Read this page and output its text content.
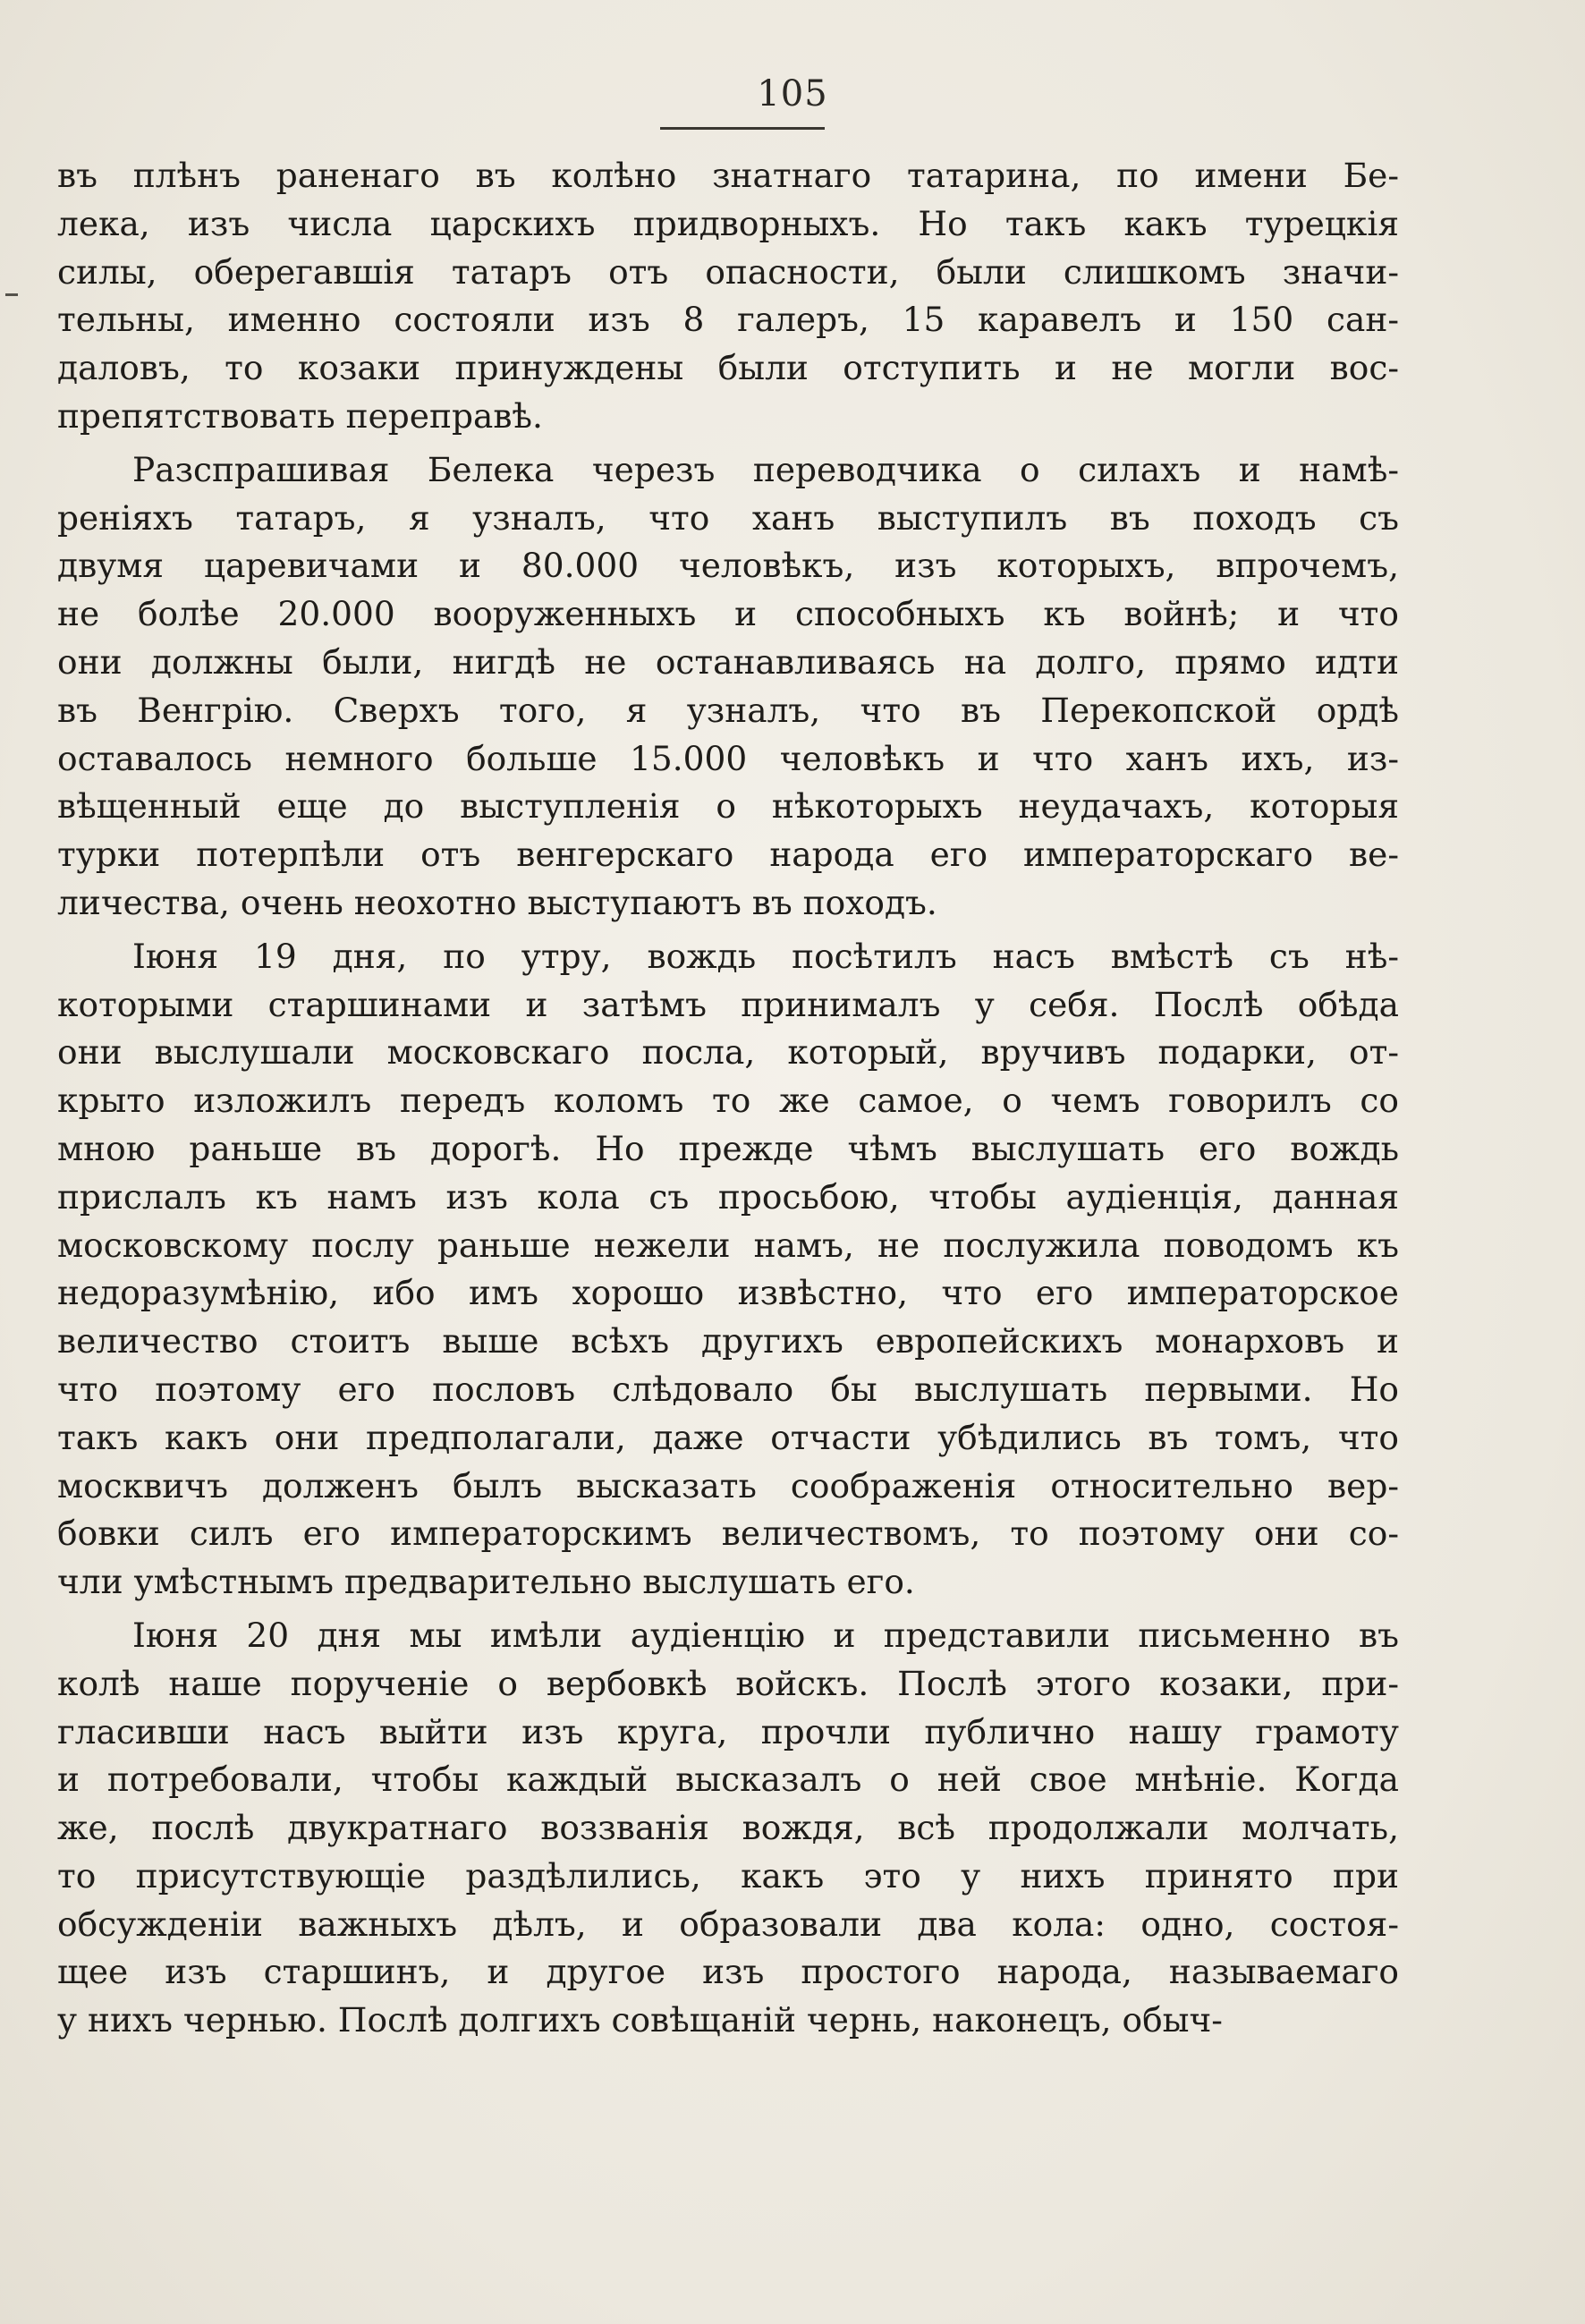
105
въ плѣнъ раненаго въ колѣно знатнаго татарина, по имени Бе-
лека, изъ числа царскихъ придворныхъ. Но такъ какъ турецкія
силы, оберегавшія татаръ отъ опасности, были слишкомъ значи-
тельны, именно состояли изъ 8 галеръ, 15 каравелъ и 150 сан-
даловъ, то козаки принуждены были отступить и не могли вос-
препятствовать переправѣ.
Разспрашивая Белека черезъ переводчика о силахъ и намѣ-
реніяхъ татаръ, я узналъ, что ханъ выступилъ въ походъ съ
двумя царевичами и 80.000 человѣкъ, изъ которыхъ, впрочемъ,
не болѣе 20.000 вооруженныхъ и способныхъ къ войнѣ; и что
они должны были, нигдѣ не останавливаясь на долго, прямо идти
въ Венгрію. Сверхъ того, я узналъ, что въ Перекопской ордѣ
оставалось немного больше 15.000 человѣкъ и что ханъ ихъ, из-
вѣщенный еще до выступленія о нѣкоторыхъ неудачахъ, которыя
турки потерпѣли отъ венгерскаго народа его императорскаго ве-
личества, очень неохотно выступаютъ въ походъ.
Іюня 19 дня, по утру, вождь посѣтилъ насъ вмѣстѣ съ нѣ-
которыми старшинами и затѣмъ принималъ у себя. Послѣ обѣда
они выслушали московскаго посла, который, вручивъ подарки, от-
крыто изложилъ передъ коломъ то же самое, о чемъ говорилъ со
мною раньше въ дорогѣ. Но прежде чѣмъ выслушать его вождь
прислалъ къ намъ изъ кола съ просьбою, чтобы аудіенція, данная
московскому послу раньше нежели намъ, не послужила поводомъ къ
недоразумѣнію, ибо имъ хорошо извѣстно, что его императорское
величество стоитъ выше всѣхъ другихъ европейскихъ монарховъ и
что поэтому его пословъ слѣдовало бы выслушать первыми. Но
такъ какъ они предполагали, даже отчасти убѣдились въ томъ, что
москвичъ долженъ былъ высказать соображенія относительно вер-
бовки силъ его императорскимъ величествомъ, то поэтому они со-
чли умѣстнымъ предварительно выслушать его.
Іюня 20 дня мы имѣли аудіенцію и представили письменно въ
колѣ наше порученіе о вербовкѣ войскъ. Послѣ этого козаки, при-
гласивши насъ выйти изъ круга, прочли публично нашу грамоту
и потребовали, чтобы каждый высказалъ о ней свое мнѣніе. Когда
же, послѣ двукратнаго воззванія вождя, всѣ продолжали молчать,
то присутствующіе раздѣлились, какъ это у нихъ принято при
обсужденіи важныхъ дѣлъ, и образовали два кола: одно, состоя-
щее изъ старшинъ, и другое изъ простого народа, называемаго
у нихъ чернью. Послѣ долгихъ совѣщаній чернь, наконецъ, обыч-
